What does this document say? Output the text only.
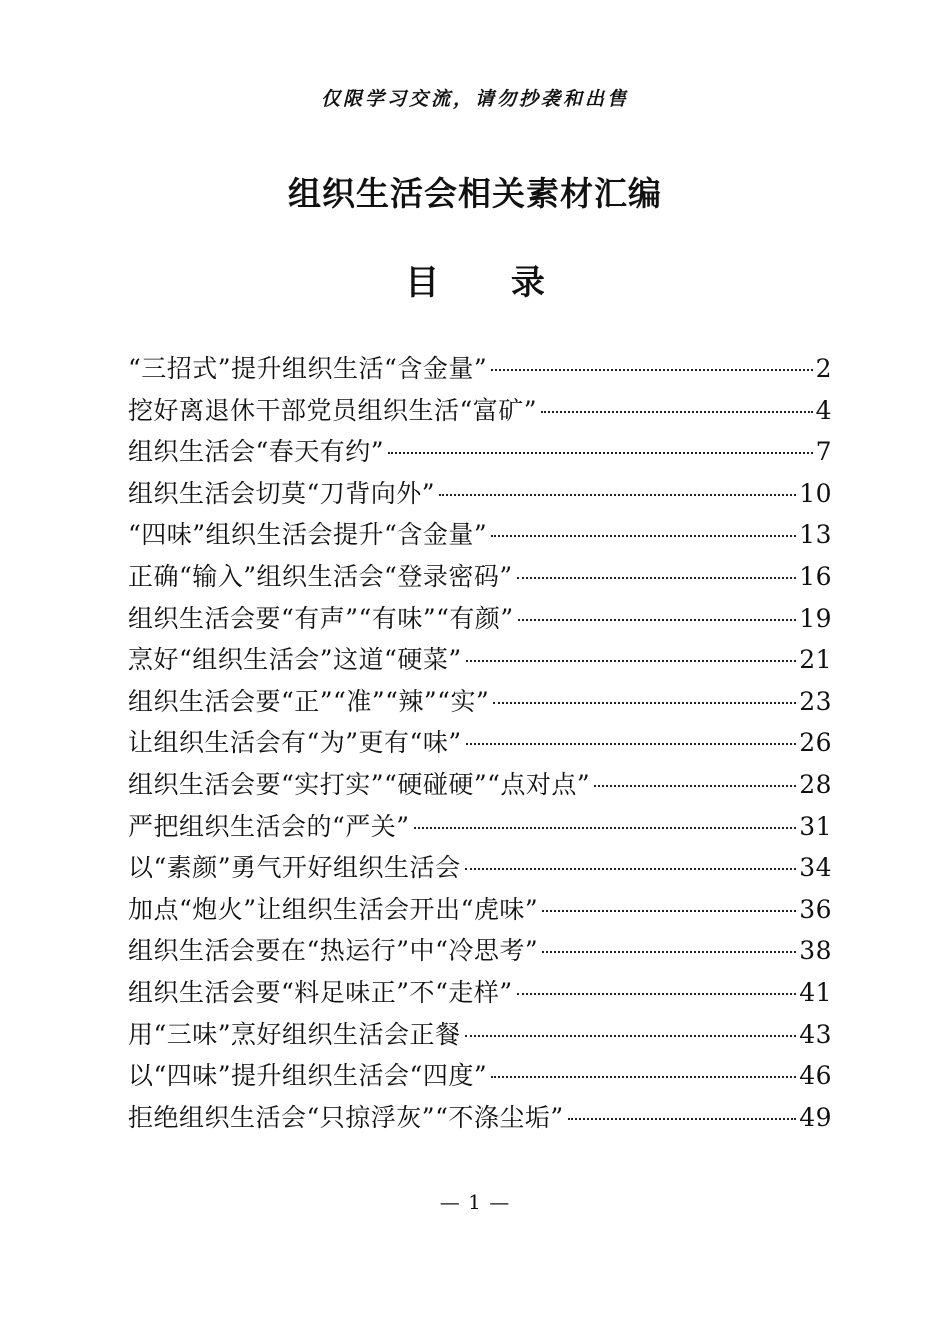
仅限学习交流，请勿抄袭和出售
组织生活会相关素材汇编
目 录
“三招式”提升组织生活“含金量”	2
挖好离退休干部党员组织生活“富矿”	4
组织生活会“春天有约”	7
组织生活会切莫“刀背向外”	10
“四味”组织生活会提升“含金量”	13
正确“输入”组织生活会“登录密码”	16
组织生活会要“有声”“有味”“有颜”	19
烹好“组织生活会”这道“硬菜”	21
组织生活会要“正”“准”“辣”“实”	23
让组织生活会有“为”更有“味”	26
组织生活会要“实打实”“硬碰硬”“点对点”	28
严把组织生活会的“严关”	31
以“素颜”勇气开好组织生活会	34
加点“炮火”让组织生活会开出“虎味”	36
组织生活会要在“热运行”中“冷思考”	38
组织生活会要“料足味正”不“走样”	41
用“三味”烹好组织生活会正餐	43
以“四味”提升组织生活会“四度”	46
拒绝组织生活会“只掠浮灰”“不涤尘垢”	49
— 1 —
